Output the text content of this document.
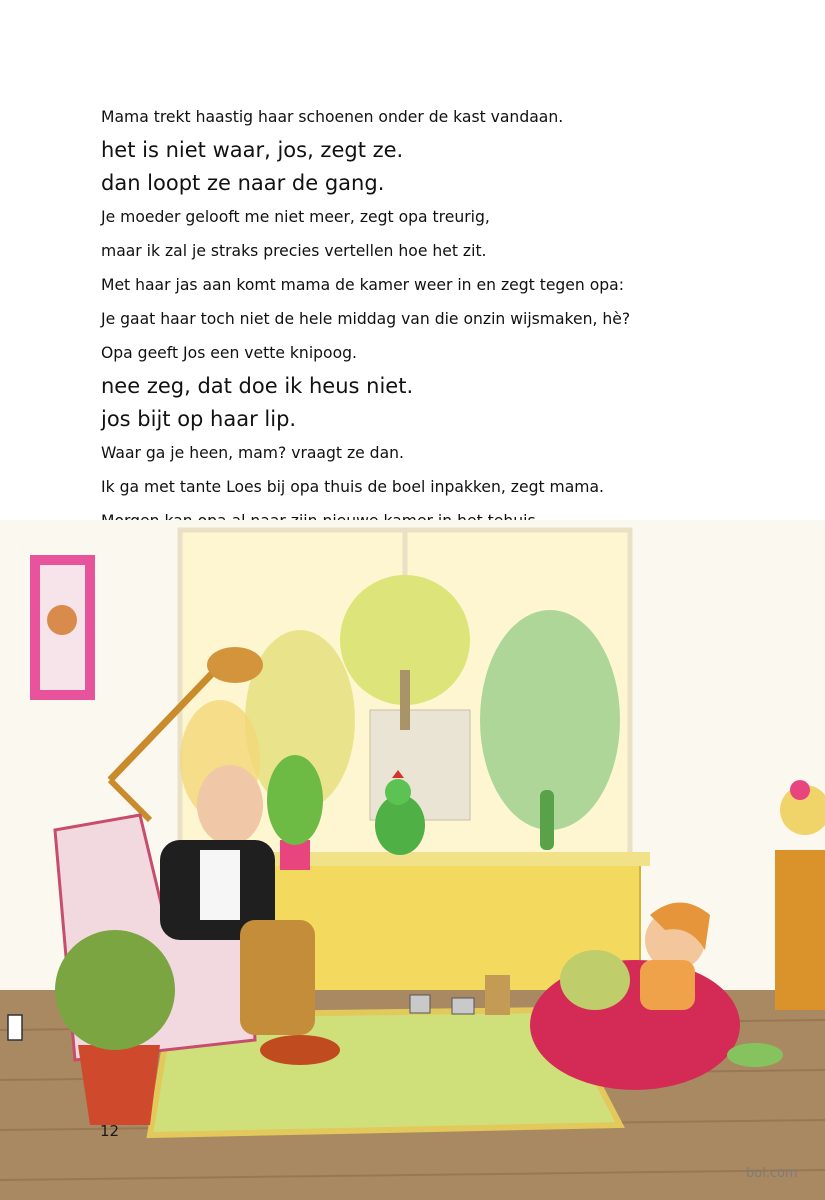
Mama trekt haastig haar schoenen onder de kast vandaan.

het is niet waar, jos, zegt ze.

dan loopt ze naar de gang.

Je moeder gelooft me niet meer, zegt opa treurig,

maar ik zal je straks precies vertellen hoe het zit.

Met haar jas aan komt mama de kamer weer in en zegt tegen opa:

Je gaat haar toch niet de hele middag van die onzin wijsmaken, hè?

Opa geeft Jos een vette knipoog.

nee zeg, dat doe ik heus niet.

jos bijt op haar lip.

Waar ga je heen, mam? vraagt ze dan.

Ik ga met tante Loes bij opa thuis de boel inpakken, zegt mama.

12
bol.com
